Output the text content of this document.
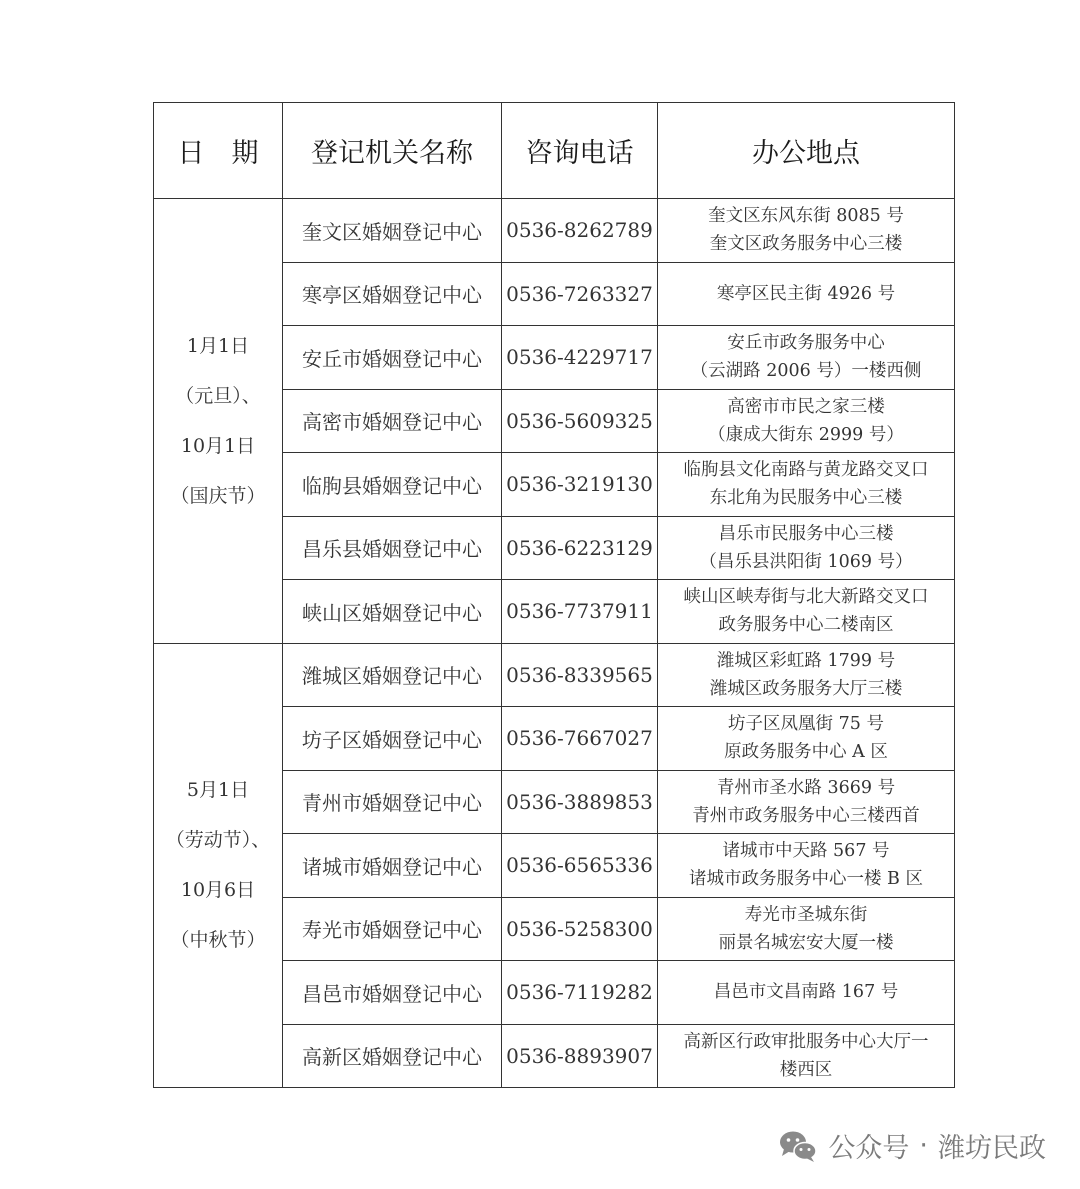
日　期	登记机关名称	咨询电话	办公地点

1月1日
（元旦）、
10月1日
（国庆节）	奎文区婚姻登记中心	0536-8262789	奎文区东风东街 8085 号
奎文区政务服务中心三楼

	寒亭区婚姻登记中心	0536-7263327	寒亭区民主街 4926 号

	安丘市婚姻登记中心	0536-4229717	安丘市政务服务中心
（云湖路 2006 号）一楼西侧

	高密市婚姻登记中心	0536-5609325	高密市市民之家三楼
（康成大街东 2999 号）

	临朐县婚姻登记中心	0536-3219130	临朐县文化南路与黄龙路交叉口
东北角为民服务中心三楼

	昌乐县婚姻登记中心	0536-6223129	昌乐市民服务中心三楼
（昌乐县洪阳街 1069 号）

	峡山区婚姻登记中心	0536-7737911	峡山区峡寿街与北大新路交叉口
政务服务中心二楼南区

5月1日
（劳动节）、
10月6日
（中秋节）	潍城区婚姻登记中心	0536-8339565	潍城区彩虹路 1799 号
潍城区政务服务大厅三楼

	坊子区婚姻登记中心	0536-7667027	坊子区凤凰街 75 号
原政务服务中心 A 区

	青州市婚姻登记中心	0536-3889853	青州市圣水路 3669 号
青州市政务服务中心三楼西首

	诸城市婚姻登记中心	0536-6565336	诸城市中天路 567 号
诸城市政务服务中心一楼 B 区

	寿光市婚姻登记中心	0536-5258300	寿光市圣城东街
丽景名城宏安大厦一楼

	昌邑市婚姻登记中心	0536-7119282	昌邑市文昌南路 167 号

	高新区婚姻登记中心	0536-8893907	高新区行政审批服务中心大厅一
楼西区
公众号 · 潍坊民政
